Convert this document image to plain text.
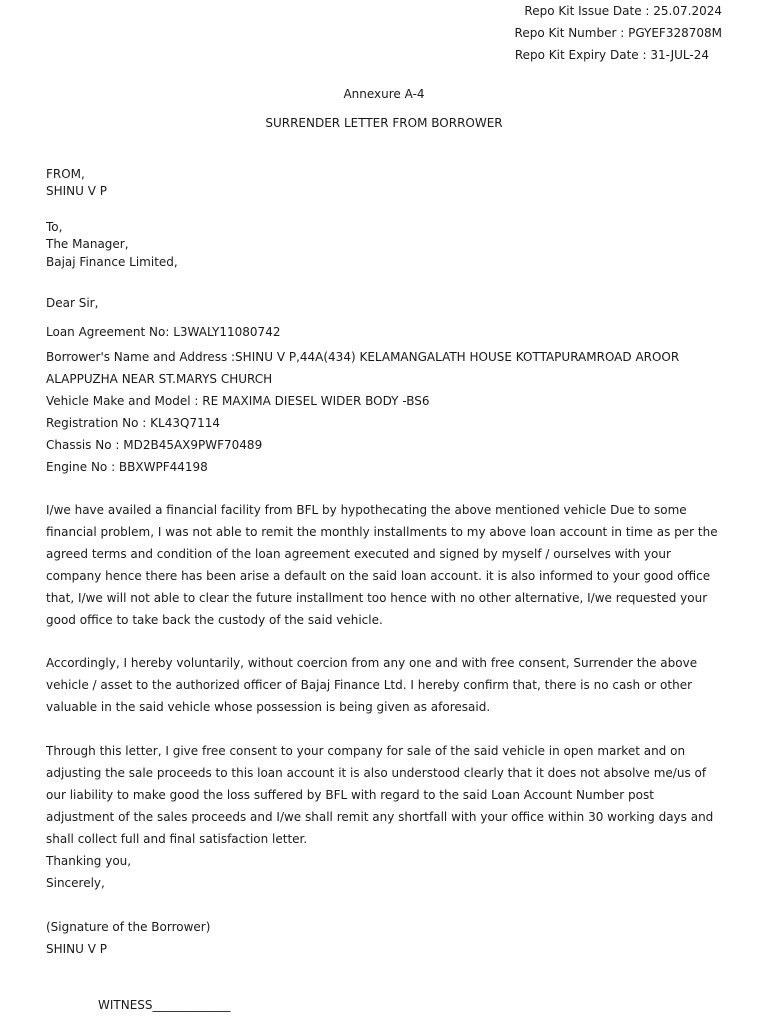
Repo Kit Issue Date : 25.07.2024
Repo Kit Number : PGYEF328708M
Repo Kit Expiry Date : 31-JUL-24
Annexure A-4
SURRENDER LETTER FROM BORROWER
FROM,
SHINU V P
To,
The Manager,
Bajaj Finance Limited,
Dear Sir,
Loan Agreement No: L3WALY11080742
Borrower's Name and Address :SHINU V P,44A(434) KELAMANGALATH HOUSE KOTTAPURAMROAD AROOR
ALAPPUZHA NEAR ST.MARYS CHURCH
Vehicle Make and Model : RE MAXIMA DIESEL WIDER BODY -BS6
Registration No : KL43Q7114
Chassis No : MD2B45AX9PWF70489
Engine No : BBXWPF44198
I/we have availed a financial facility from BFL by hypothecating the above mentioned vehicle Due to some financial problem, I was not able to remit the monthly installments to my above loan account in time as per the agreed terms and condition of the loan agreement executed and signed by myself / ourselves with your company hence there has been arise a default on the said loan account. it is also informed to your good office that, I/we will not able to clear the future installment too hence with no other alternative, I/we requested your good office to take back the custody of the said vehicle.
Accordingly, I hereby voluntarily, without coercion from any one and with free consent, Surrender the above vehicle / asset to the authorized officer of Bajaj Finance Ltd. I hereby confirm that, there is no cash or other valuable in the said vehicle whose possession is being given as aforesaid.
Through this letter, I give free consent to your company for sale of the said vehicle in open market and on adjusting the sale proceeds to this loan account it is also understood clearly that it does not absolve me/us of our liability to make good the loss suffered by BFL with regard to the said Loan Account Number post adjustment of the sales proceeds and I/we shall remit any shortfall with your office within 30 working days and shall collect full and final satisfaction letter.
Thanking you,
Sincerely,
(Signature of the Borrower)
SHINU V P
WITNESS_____________
